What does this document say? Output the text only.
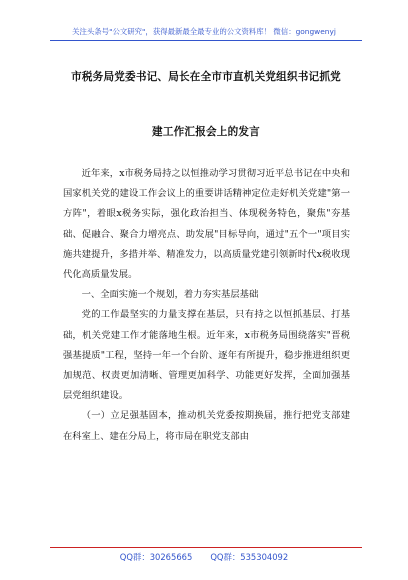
关注头条号"公文研究"，获得最新最全最专业的公文资料库！ 微信：gongwenyj
市税务局党委书记、局长在全市市直机关党组织书记抓党
建工作汇报会上的发言

近年来，x市税务局持之以恒推动学习贯彻习近平总书记在中央和国家机关党的建设工作会议上的重要讲话精神定位走好机关党建"第一方阵"，着眼x税务实际，强化政治担当、体现税务特色，聚焦"夯基础、促融合、聚合力增亮点、助发展"目标导向，通过"五个一"项目实施共建提升，多措并举、精准发力，以高质量党建引领新时代x税收现代化高质量发展。

一、全面实施一个规划，着力夯实基层基础

党的工作最坚实的力量支撑在基层，只有持之以恒抓基层、打基础，机关党建工作才能落地生根。近年来，x市税务局围绕落实"晋税强基提质"工程，坚持一年一个台阶、逐年有所提升，稳步推进组织更加规范、权责更加清晰、管理更加科学、功能更好发挥，全面加强基层党组织建设。

（一）立足强基固本，推动机关党委按期换届，推行把党支部建在科室上、建在分局上，将市局在职党支部由

QQ群：30265665 QQ群：535304092
